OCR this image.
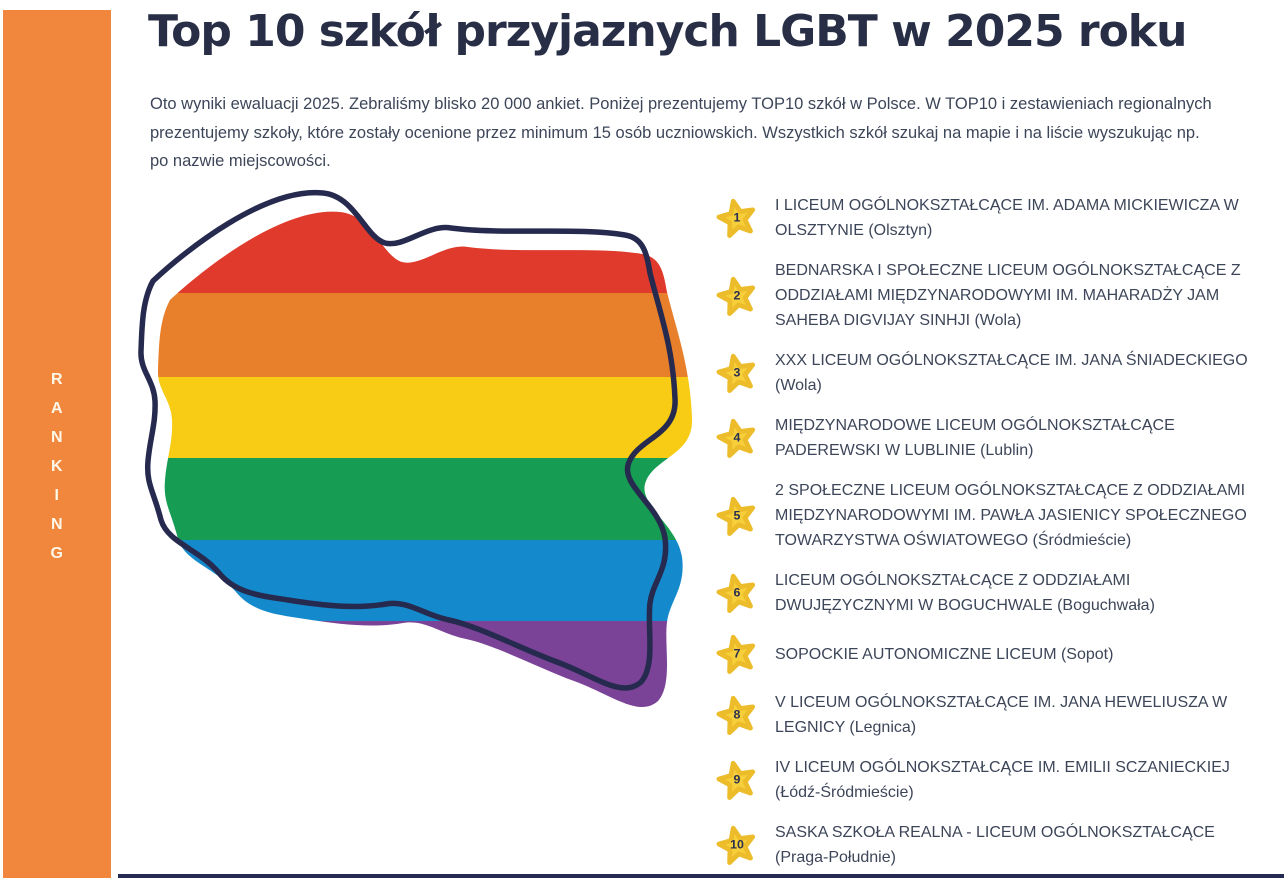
R
A
N
K
I
N
G
Top 10 szkół przyjaznych LGBT w 2025 roku

Oto wyniki ewaluacji 2025. Zebraliśmy blisko 20 000 ankiet. Poniżej prezentujemy TOP10 szkół w Polsce. W TOP10 i zestawieniach regionalnych prezentujemy szkoły, które zostały ocenione przez minimum 15 osób uczniowskich. Wszystkich szkół szukaj na mapie i na liście wyszukując np. po nazwie miejscowości.

1
I LICEUM OGÓLNOKSZTAŁCĄCE IM. ADAMA MICKIEWICZA W OLSZTYNIE (Olsztyn)
2
BEDNARSKA I SPOŁECZNE LICEUM OGÓLNOKSZTAŁCĄCE Z ODDZIAŁAMI MIĘDZYNARODOWYMI IM. MAHARADŻY JAM SAHEBA DIGVIJAY SINHJI (Wola)
3
XXX LICEUM OGÓLNOKSZTAŁCĄCE IM. JANA ŚNIADECKIEGO (Wola)
4
MIĘDZYNARODOWE LICEUM OGÓLNOKSZTAŁCĄCE PADEREWSKI W LUBLINIE (Lublin)
5
2 SPOŁECZNE LICEUM OGÓLNOKSZTAŁCĄCE Z ODDZIAŁAMI MIĘDZYNARODOWYMI IM. PAWŁA JASIENICY SPOŁECZNEGO TOWARZYSTWA OŚWIATOWEGO (Śródmieście)
6
LICEUM OGÓLNOKSZTAŁCĄCE Z ODDZIAŁAMI DWUJĘZYCZNYMI W BOGUCHWALE (Boguchwała)
7 SOPOCKIE AUTONOMICZNE LICEUM (Sopot)
8
V LICEUM OGÓLNOKSZTAŁCĄCE IM. JANA HEWELIUSZA W LEGNICY (Legnica)
9
IV LICEUM OGÓLNOKSZTAŁCĄCE IM. EMILII SCZANIECKIEJ (Łódź-Śródmieście)
10
SASKA SZKOŁA REALNA - LICEUM OGÓLNOKSZTAŁCĄCE (Praga-Południe)
